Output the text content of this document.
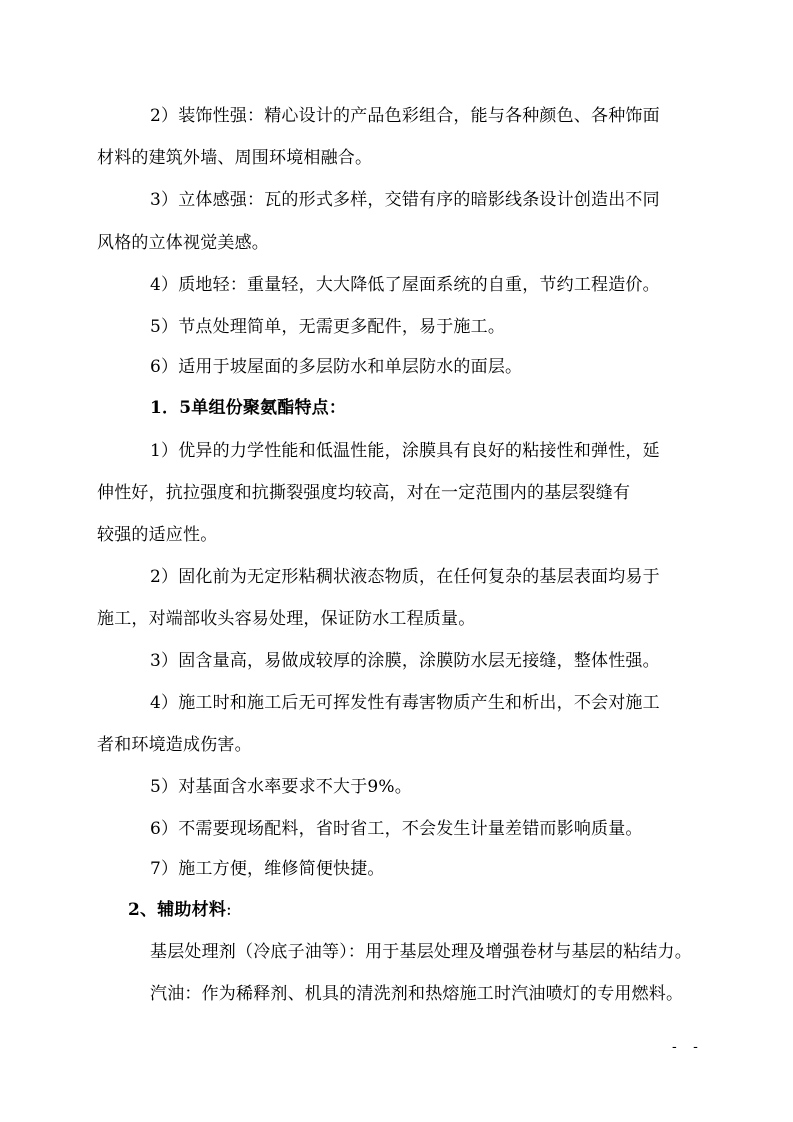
2）装饰性强：精心设计的产品色彩组合，能与各种颜色、各种饰面
材料的建筑外墙、周围环境相融合。
3）立体感强：瓦的形式多样，交错有序的暗影线条设计创造出不同
风格的立体视觉美感。
4）质地轻：重量轻，大大降低了屋面系统的自重，节约工程造价。
5）节点处理简单，无需更多配件，易于施工。
6）适用于坡屋面的多层防水和单层防水的面层。
1．5单组份聚氨酯特点：
1）优异的力学性能和低温性能，涂膜具有良好的粘接性和弹性，延
伸性好，抗拉强度和抗撕裂强度均较高，对在一定范围内的基层裂缝有
较强的适应性。
2）固化前为无定形粘稠状液态物质，在任何复杂的基层表面均易于
施工，对端部收头容易处理，保证防水工程质量。
3）固含量高，易做成较厚的涂膜，涂膜防水层无接缝，整体性强。
4）施工时和施工后无可挥发性有毒害物质产生和析出，不会对施工
者和环境造成伤害。
5）对基面含水率要求不大于9%。
6）不需要现场配料，省时省工，不会发生计量差错而影响质量。
7）施工方便，维修简便快捷。
2、辅助材料:
基层处理剂（冷底子油等）：用于基层处理及增强卷材与基层的粘结力。
汽油：作为稀释剂、机具的清洗剂和热熔施工时汽油喷灯的专用燃料。
- -
